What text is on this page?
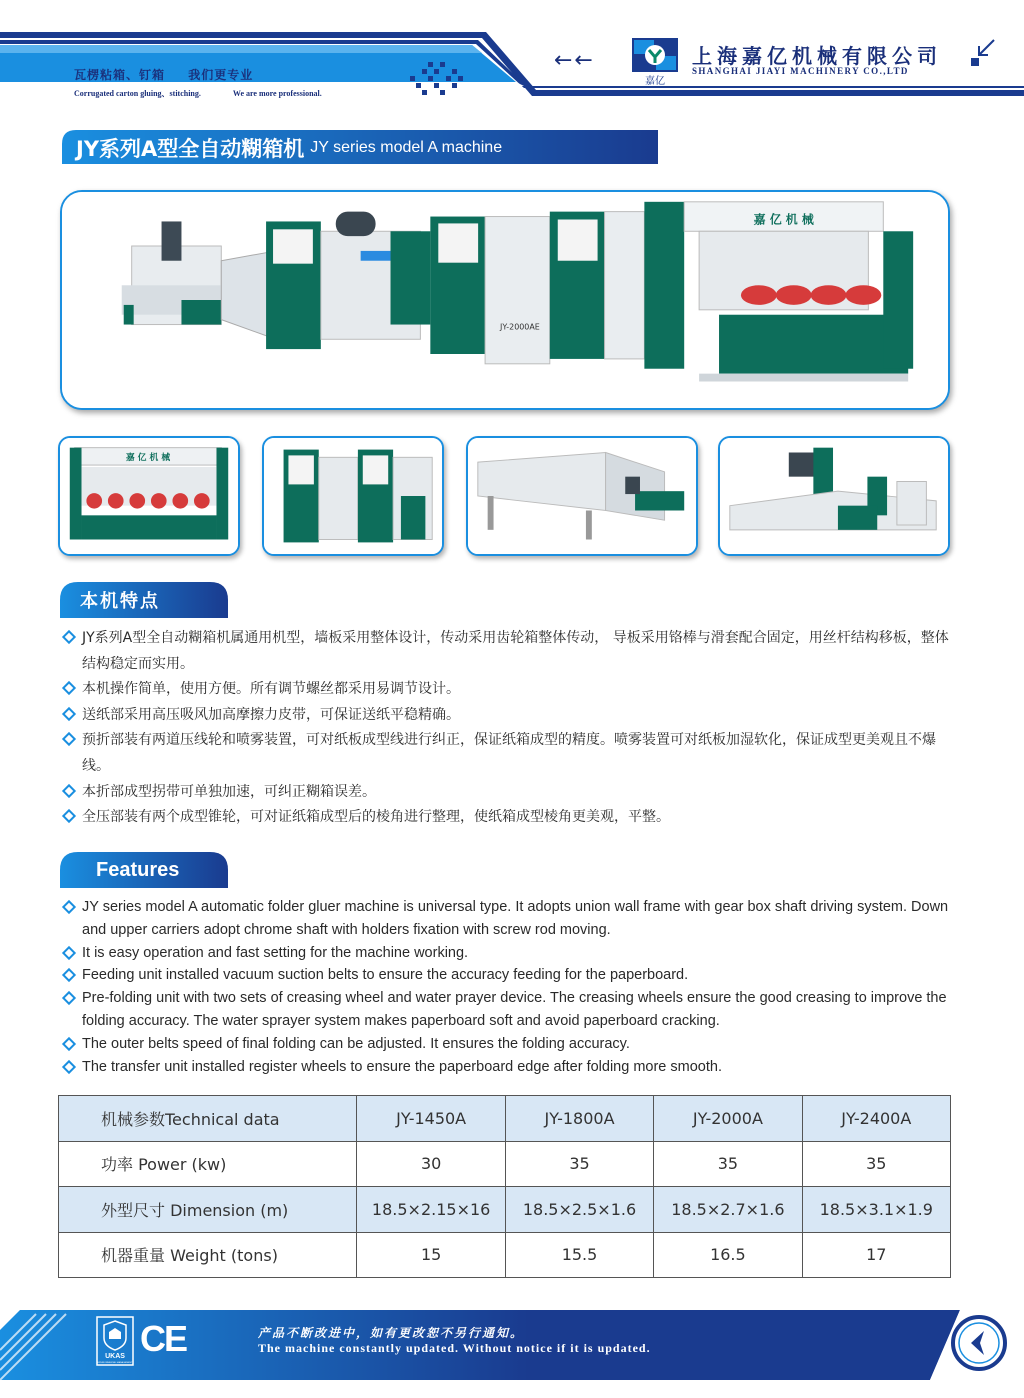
瓦楞粘箱、钉箱 我们更专业
Corrugated carton gluing、stitching.	We are more professional.
←←
嘉亿
上海嘉亿机械有限公司
SHANGHAI JIAYI MACHINERY CO.,LTD
JY系列A型全自动糊箱机 JY series model A machine
JY-2000AE
嘉 亿 机 械
嘉 亿 机 械
本机特点
JY系列A型全自动糊箱机属通用机型，墙板采用整体设计，传动采用齿轮箱整体传动， 导板采用铬棒与滑套配合固定，用丝杆结构移板，整体结构稳定而实用。
本机操作简单，使用方便。所有调节螺丝都采用易调节设计。
送纸部采用高压吸风加高摩擦力皮带，可保证送纸平稳精确。
预折部装有两道压线轮和喷雾装置，可对纸板成型线进行纠正，保证纸箱成型的精度。喷雾装置可对纸板加湿软化，保证成型更美观且不爆线。
本折部成型拐带可单独加速，可纠正糊箱误差。
全压部装有两个成型锥轮，可对证纸箱成型后的棱角进行整理，使纸箱成型棱角更美观，平整。
Features
JY series model A automatic folder gluer machine is universal type. It adopts union wall frame with gear box shaft driving system. Down and upper carriers adopt chrome shaft with holders fixation with screw rod moving.
It is easy operation and fast setting for the machine working.
Feeding unit installed vacuum suction belts to ensure the accuracy feeding for the paperboard.
Pre-folding unit with two sets of creasing wheel and water prayer device. The creasing wheels ensure the good creasing to improve the folding accuracy. The water sprayer system makes paperboard soft and avoid paperboard cracking.
The outer belts speed of final folding can be adjusted. It ensures the folding accuracy.
The transfer unit installed register wheels to ensure the paperboard edge after folding more smooth.
机械参数Technical data	JY-1450A	JY-1800A	JY-2000A	JY-2400A
功率 Power (kw)	30	35	35	35
外型尺寸 Dimension (m)	18.5×2.15×16	18.5×2.5×1.6	18.5×2.7×1.6	18.5×3.1×1.9
机器重量 Weight (tons)	15	15.5	16.5	17
UKAS
ENVIRONMENTAL MANAGEMENT
CE	产品不断改进中，如有更改恕不另行通知。
The machine constantly updated. Without notice if it is updated.
